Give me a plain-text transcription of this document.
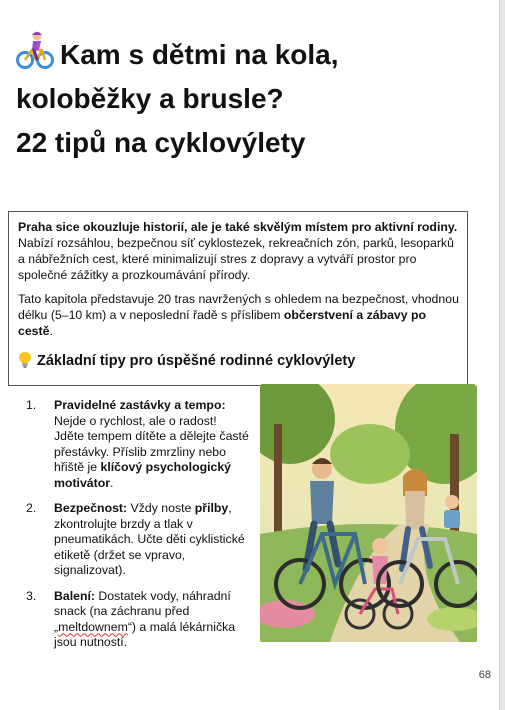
Kam s dětmi na kola,
koloběžky a brusle?
22 tipů na cyklovýlety

Praha sice okouzluje historií, ale je také skvělým místem pro aktivní rodiny. Nabízí rozsáhlou, bezpečnou síť cyklostezek, rekreačních zón, parků, lesoparků a nábřežních cest, které minimalizují stres z dopravy a vytváří prostor pro společné zážitky a prozkoumávání přírody.

Tato kapitola představuje 20 tras navržených s ohledem na bezpečnost, vhodnou délku (5–10 km) a v neposlední řadě s příslibem občerstvení a zábavy po cestě.

Základní tipy pro úspěšné rodinné cyklovýlety
1. Pravidelné zastávky a tempo: Nejde o rychlost, ale o radost! Jděte tempem dítěte a dělejte časté přestávky. Příslib zmrzliny nebo hřiště je klíčový psychologický motivátor.
2. Bezpečnost: Vždy noste přilby, zkontrolujte brzdy a tlak v pneumatikách. Učte děti cyklistické etiketě (držet se vpravo, signalizovat).
3. Balení: Dostatek vody, náhradní snack (na záchranu před „meltdownem“) a malá lékárnička jsou nutností.
68
